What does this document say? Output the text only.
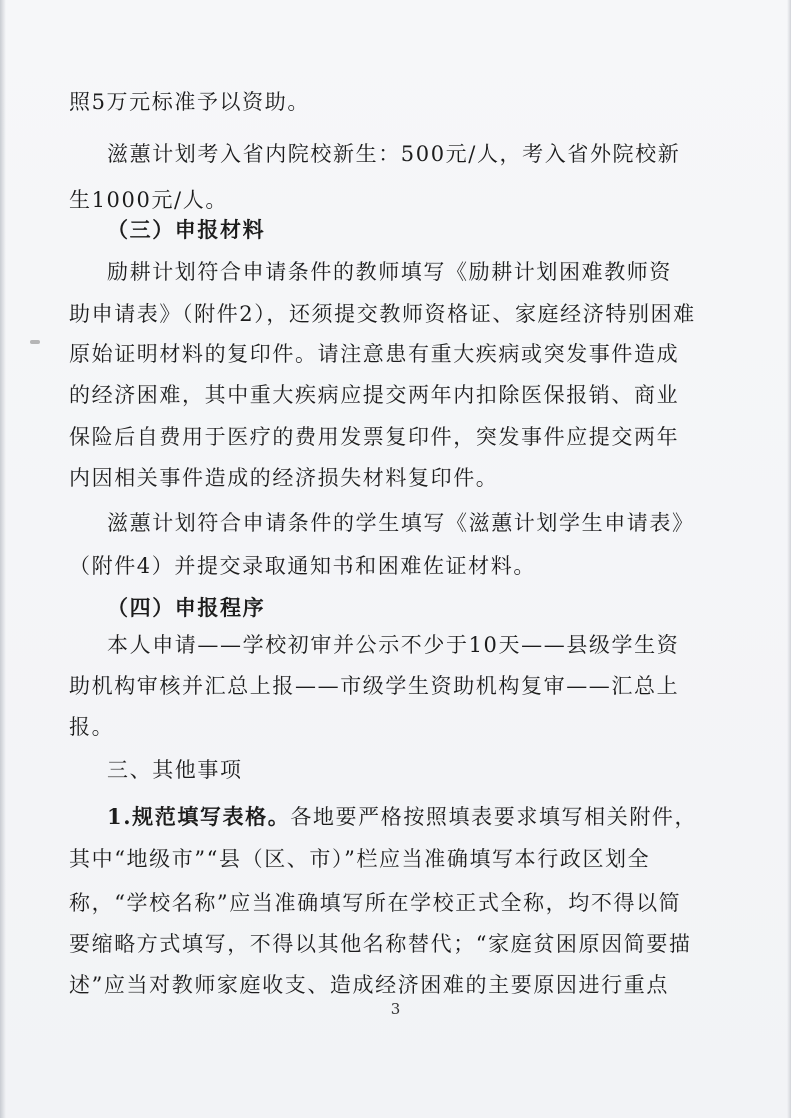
照5万元标准予以资助。
滋蕙计划考入省内院校新生：500元/人，考入省外院校新
生1000元/人。
（三）申报材料
励耕计划符合申请条件的教师填写《励耕计划困难教师资
助申请表》（附件2），还须提交教师资格证、家庭经济特别困难
原始证明材料的复印件。请注意患有重大疾病或突发事件造成
的经济困难，其中重大疾病应提交两年内扣除医保报销、商业
保险后自费用于医疗的费用发票复印件，突发事件应提交两年
内因相关事件造成的经济损失材料复印件。
滋蕙计划符合申请条件的学生填写《滋蕙计划学生申请表》
（附件4）并提交录取通知书和困难佐证材料。
（四）申报程序
本人申请——学校初审并公示不少于10天——县级学生资
助机构审核并汇总上报——市级学生资助机构复审——汇总上
报。
三、其他事项
1.规范填写表格。各地要严格按照填表要求填写相关附件，
其中“地级市”“县（区、市）”栏应当准确填写本行政区划全
称，“学校名称”应当准确填写所在学校正式全称，均不得以简
要缩略方式填写，不得以其他名称替代；“家庭贫困原因简要描
述”应当对教师家庭收支、造成经济困难的主要原因进行重点
3
